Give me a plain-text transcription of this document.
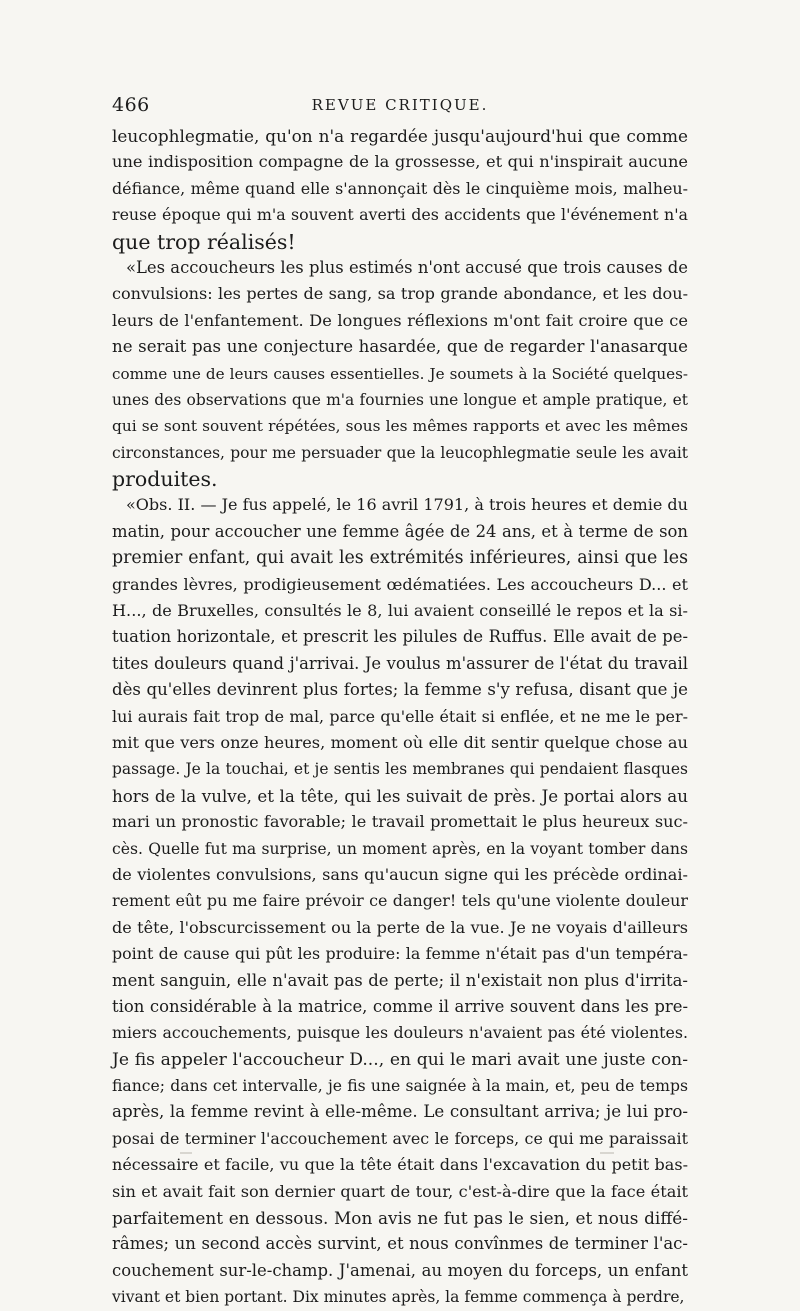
466	REVUE CRITIQUE.
leucophlegmatie, qu'on n'a regardée jusqu'aujourd'hui que comme
une indisposition compagne de la grossesse, et qui n'inspirait aucune
défiance, même quand elle s'annonçait dès le cinquième mois, malheu-
reuse époque qui m'a souvent averti des accidents que l'événement n'a
que trop réalisés!
«Les accoucheurs les plus estimés n'ont accusé que trois causes de
convulsions: les pertes de sang, sa trop grande abondance, et les dou-
leurs de l'enfantement. De longues réflexions m'ont fait croire que ce
ne serait pas une conjecture hasardée, que de regarder l'anasarque
comme une de leurs causes essentielles. Je soumets à la Société quelques-
unes des observations que m'a fournies une longue et ample pratique, et
qui se sont souvent répétées, sous les mêmes rapports et avec les mêmes
circonstances, pour me persuader que la leucophlegmatie seule les avait
produites.
«Obs. II. — Je fus appelé, le 16 avril 1791, à trois heures et demie du
matin, pour accoucher une femme âgée de 24 ans, et à terme de son
premier enfant, qui avait les extrémités inférieures, ainsi que les
grandes lèvres, prodigieusement œdématiées. Les accoucheurs D... et
H..., de Bruxelles, consultés le 8, lui avaient conseillé le repos et la si-
tuation horizontale, et prescrit les pilules de Ruffus. Elle avait de pe-
tites douleurs quand j'arrivai. Je voulus m'assurer de l'état du travail
dès qu'elles devinrent plus fortes; la femme s'y refusa, disant que je
lui aurais fait trop de mal, parce qu'elle était si enflée, et ne me le per-
mit que vers onze heures, moment où elle dit sentir quelque chose au
passage. Je la touchai, et je sentis les membranes qui pendaient flasques
hors de la vulve, et la tête, qui les suivait de près. Je portai alors au
mari un pronostic favorable; le travail promettait le plus heureux suc-
cès. Quelle fut ma surprise, un moment après, en la voyant tomber dans
de violentes convulsions, sans qu'aucun signe qui les précède ordinai-
rement eût pu me faire prévoir ce danger! tels qu'une violente douleur
de tête, l'obscurcissement ou la perte de la vue. Je ne voyais d'ailleurs
point de cause qui pût les produire: la femme n'était pas d'un tempéra-
ment sanguin, elle n'avait pas de perte; il n'existait non plus d'irrita-
tion considérable à la matrice, comme il arrive souvent dans les pre-
miers accouchements, puisque les douleurs n'avaient pas été violentes.
Je fis appeler l'accoucheur D..., en qui le mari avait une juste con-
fiance; dans cet intervalle, je fis une saignée à la main, et, peu de temps
après, la femme revint à elle-même. Le consultant arriva; je lui pro-
posai de terminer l'accouchement avec le forceps, ce qui me paraissait
nécessaire et facile, vu que la tête était dans l'excavation du petit bas-
sin et avait fait son dernier quart de tour, c'est-à-dire que la face était
parfaitement en dessous. Mon avis ne fut pas le sien, et nous diffé-
râmes; un second accès survint, et nous convînmes de terminer l'ac-
couchement sur-le-champ. J'amenai, au moyen du forceps, un enfant
vivant et bien portant. Dix minutes après, la femme commença à perdre,
